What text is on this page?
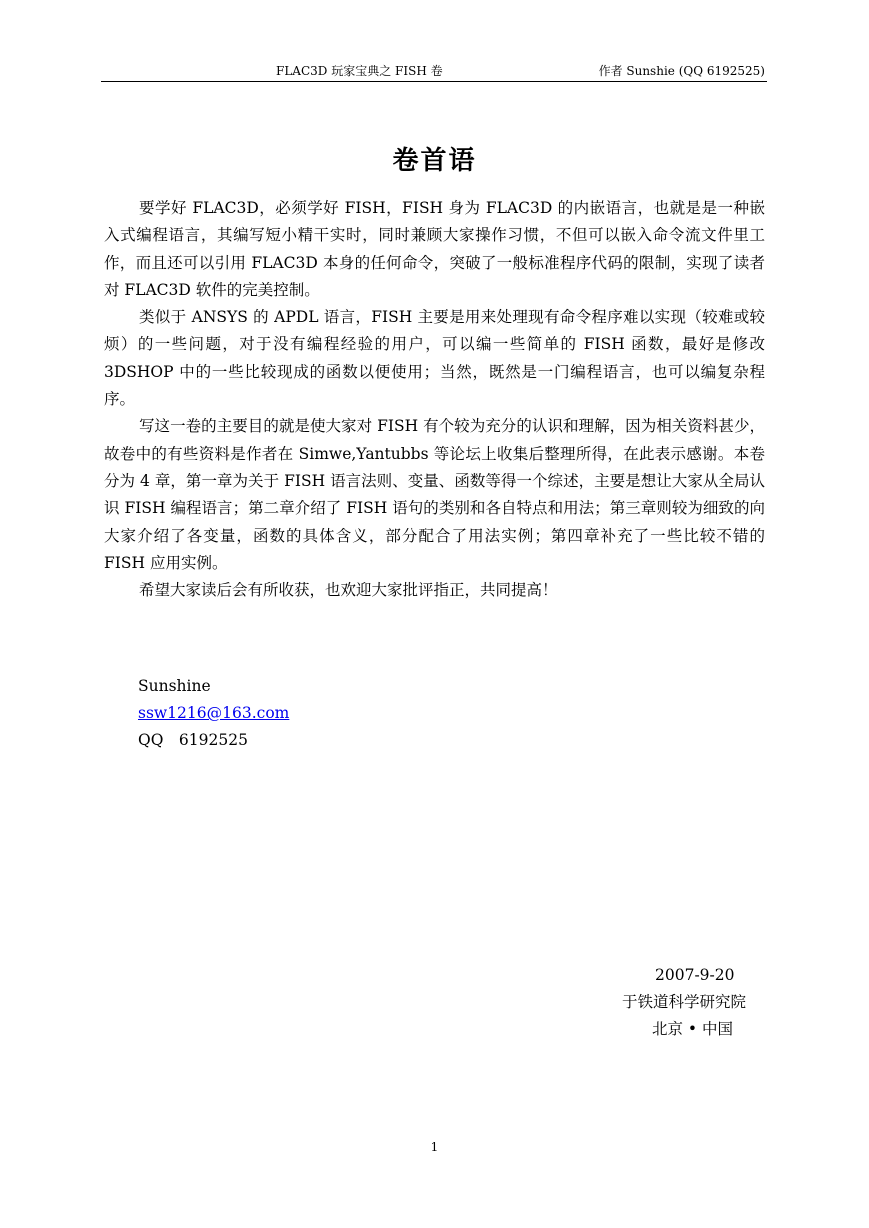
FLAC3D 玩家宝典之 FISH 卷	作者 Sunshie (QQ 6192525)
卷首语

要学好 FLAC3D，必须学好 FISH，FISH 身为 FLAC3D 的内嵌语言，也就是是一种嵌入式编程语言，其编写短小精干实时，同时兼顾大家操作习惯，不但可以嵌入命令流文件里工作，而且还可以引用 FLAC3D 本身的任何命令，突破了一般标准程序代码的限制，实现了读者对 FLAC3D 软件的完美控制。

类似于 ANSYS 的 APDL 语言，FISH 主要是用来处理现有命令程序难以实现（较难或较烦）的一些问题，对于没有编程经验的用户，可以编一些简单的 FISH 函数，最好是修改 3DSHOP 中的一些比较现成的函数以便使用；当然，既然是一门编程语言，也可以编复杂程序。

写这一卷的主要目的就是使大家对 FISH 有个较为充分的认识和理解，因为相关资料甚少，故卷中的有些资料是作者在 Simwe,Yantubbs 等论坛上收集后整理所得，在此表示感谢。本卷分为 4 章，第一章为关于 FISH 语言法则、变量、函数等得一个综述，主要是想让大家从全局认识 FISH 编程语言；第二章介绍了 FISH 语句的类别和各自特点和用法；第三章则较为细致的向大家介绍了各变量，函数的具体含义，部分配合了用法实例；第四章补充了一些比较不错的 FISH 应用实例。

希望大家读后会有所收获，也欢迎大家批评指正，共同提高！

Sunshine
ssw1216@163.com
QQ　6192525
2007-9-20
于铁道科学研究院
北京 • 中国
1
